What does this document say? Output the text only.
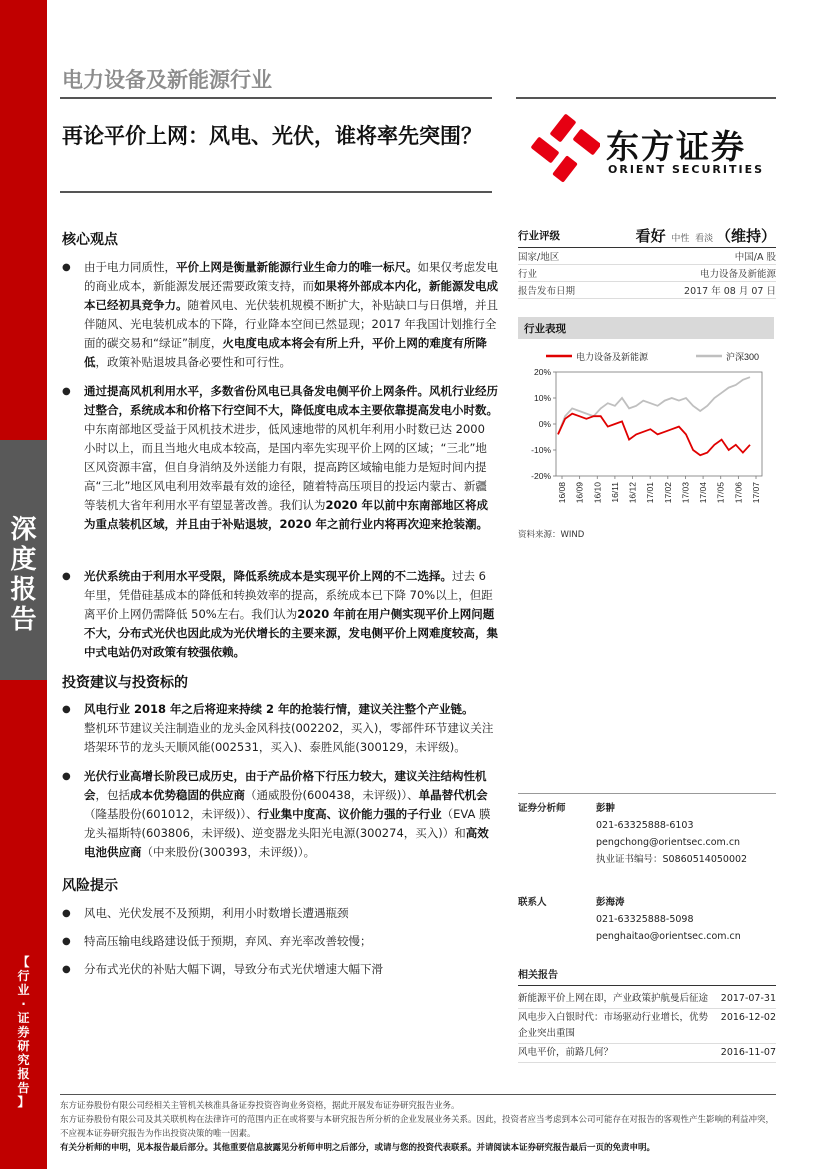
深
度
报
告
【
行
业
·
证
券
研
究
报
告
】
电力设备及新能源行业
再论平价上网：风电、光伏，谁将率先突围？	东方证券
ORIENT SECURITIES
核心观点
● 由于电力同质性，平价上网是衡量新能源行业生命力的唯一标尺。如果仅考虑发电的商业成本，新能源发展还需要政策支持，而如果将外部成本内化，新能源发电成本已经初具竞争力。随着风电、光伏装机规模不断扩大，补贴缺口与日俱增，并且伴随风、光电装机成本的下降，行业降本空间已然显现；2017 年我国计划推行全面的碳交易和“绿证”制度，火电度电成本将会有所上升，平价上网的难度有所降低，政策补贴退坡具备必要性和可行性。
● 通过提高风机利用水平，多数省份风电已具备发电侧平价上网条件。风机行业经历过整合，系统成本和价格下行空间不大，降低度电成本主要依靠提高发电小时数。中东南部地区受益于风机技术进步，低风速地带的风机年利用小时数已达 2000 小时以上，而且当地火电成本较高，是国内率先实现平价上网的区域；“三北”地区风资源丰富，但自身消纳及外送能力有限，提高跨区域输电能力是短时间内提高“三北”地区风电利用效率最有效的途径，随着特高压项目的投运内蒙古、新疆等装机大省年利用水平有望显著改善。我们认为2020 年以前中东南部地区将成为重点装机区域，并且由于补贴退坡，2020 年之前行业内将再次迎来抢装潮。
● 光伏系统由于利用水平受限，降低系统成本是实现平价上网的不二选择。过去 6 年里，凭借硅基成本的降低和转换效率的提高，系统成本已下降 70%以上，但距离平价上网仍需降低 50%左右。我们认为2020 年前在用户侧实现平价上网问题不大，分布式光伏也因此成为光伏增长的主要来源，发电侧平价上网难度较高，集中式电站仍对政策有较强依赖。
投资建议与投资标的
● 风电行业 2018 年之后将迎来持续 2 年的抢装行情，建议关注整个产业链。
整机环节建议关注制造业的龙头金风科技(002202，买入)，零部件环节建议关注塔架环节的龙头天顺风能(002531，买入)、泰胜风能(300129，未评级)。
● 光伏行业高增长阶段已成历史，由于产品价格下行压力较大，建议关注结构性机会，包括成本优势稳固的供应商（通威股份(600438，未评级)）、单晶替代机会（隆基股份(601012，未评级)）、行业集中度高、议价能力强的子行业（EVA 膜龙头福斯特(603806，未评级)、逆变器龙头阳光电源(300274，买入)）和高效电池供应商（中来股份(300393，未评级)）。
风险提示
● 风电、光伏发展不及预期，利用小时数增长遭遇瓶颈
● 特高压输电线路建设低于预期，弃风、弃光率改善较慢；
● 分布式光伏的补贴大幅下调，导致分布式光伏增速大幅下滑
行业评级	看好 中性 看淡 （维持）
国家/地区	中国/A 股
行业	电力设备及新能源
报告发布日期	2017 年 08 月 07 日
行业表现
电力设备及新能源	沪深300
20%
10%
0%
-10%
-20%
16/08 16/09 16/10 16/11 16/12 17/01 17/02 17/03 17/04 17/05 17/06 17/07
资料来源：WIND
证券分析师	彭翀
021-63325888-6103
pengchong@orientsec.com.cn
执业证书编号：S0860514050002
联系人	彭海涛
021-63325888-5098
penghaitao@orientsec.com.cn
相关报告
新能源平价上网在即，产业政策护航曼后征途	2017-07-31
风电步入白银时代：市场驱动行业增长，优势企业突出重围
2016-12-02
风电平价，前路几何？	2016-11-07
东方证券股份有限公司经相关主管机关核准具备证券投资咨询业务资格，据此开展发布证券研究报告业务。
东方证券股份有限公司及其关联机构在法律许可的范围内正在或将要与本研究报告所分析的企业发展业务关系。因此，投资者应当考虑到本公司可能存在对报告的客观性产生影响的利益冲突，不应视本证券研究报告为作出投资决策的唯一因素。
有关分析师的申明，见本报告最后部分。其他重要信息披露见分析师申明之后部分，或请与您的投资代表联系。并请阅读本证券研究报告最后一页的免责申明。
